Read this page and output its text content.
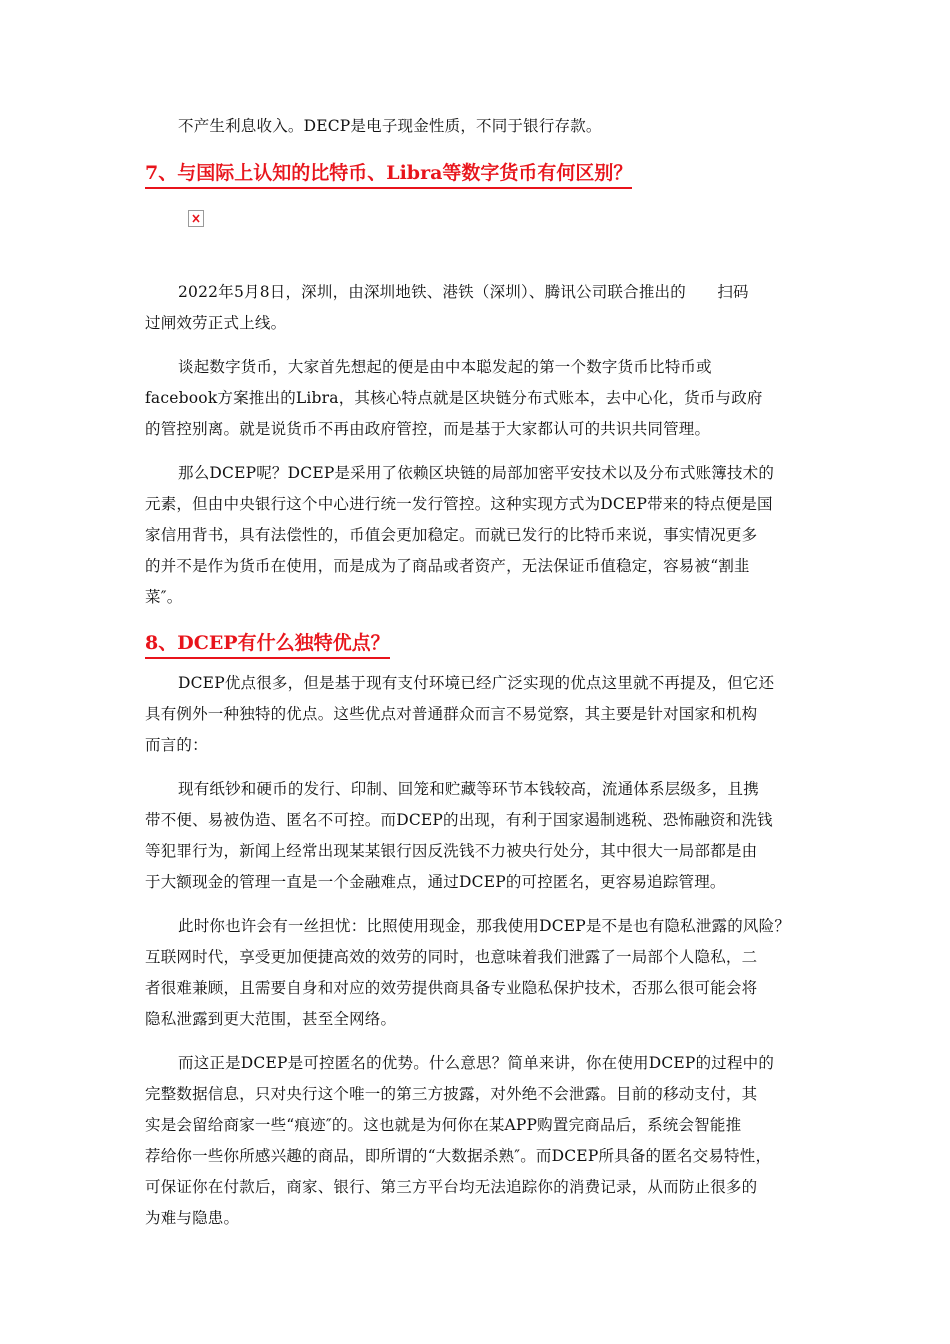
不产生利息收入。DECP是电子现金性质，不同于银行存款。
7、与国际上认知的比特币、Libra等数字货币有何区别？
2022年5月8日，深圳，由深圳地铁、港铁（深圳）、腾讯公司联合推出的　　扫码
过闸效劳正式上线。
谈起数字货币，大家首先想起的便是由中本聪发起的第一个数字货币比特币或
facebook方案推出的Libra，其核心特点就是区块链分布式账本，去中心化，货币与政府
的管控别离。就是说货币不再由政府管控，而是基于大家都认可的共识共同管理。
那么DCEP呢？DCEP是采用了依赖区块链的局部加密平安技术以及分布式账簿技术的
元素，但由中央银行这个中心进行统一发行管控。这种实现方式为DCEP带来的特点便是国
家信用背书，具有法偿性的，币值会更加稳定。而就已发行的比特币来说，事实情况更多
的并不是作为货币在使用，而是成为了商品或者资产，无法保证币值稳定，容易被“割韭
菜″。
8、DCEP有什么独特优点？
DCEP优点很多，但是基于现有支付环境已经广泛实现的优点这里就不再提及，但它还
具有例外一种独特的优点。这些优点对普通群众而言不易觉察，其主要是针对国家和机构
而言的：
现有纸钞和硬币的发行、印制、回笼和贮藏等环节本钱较高，流通体系层级多，且携
带不便、易被伪造、匿名不可控。而DCEP的出现，有利于国家遏制逃税、恐怖融资和洗钱
等犯罪行为，新闻上经常出现某某银行因反洗钱不力被央行处分，其中很大一局部都是由
于大额现金的管理一直是一个金融难点，通过DCEP的可控匿名，更容易追踪管理。
此时你也许会有一丝担忧：比照使用现金，那我使用DCEP是不是也有隐私泄露的风险？
互联网时代，享受更加便捷高效的效劳的同时，也意味着我们泄露了一局部个人隐私，二
者很难兼顾，且需要自身和对应的效劳提供商具备专业隐私保护技术，否那么很可能会将
隐私泄露到更大范围，甚至全网络。
而这正是DCEP是可控匿名的优势。什么意思？简单来讲，你在使用DCEP的过程中的
完整数据信息，只对央行这个唯一的第三方披露，对外绝不会泄露。目前的移动支付，其
实是会留给商家一些“痕迹″的。这也就是为何你在某APP购置完商品后，系统会智能推
荐给你一些你所感兴趣的商品，即所谓的“大数据杀熟″。而DCEP所具备的匿名交易特性，
可保证你在付款后，商家、银行、第三方平台均无法追踪你的消费记录，从而防止很多的
为难与隐患。
